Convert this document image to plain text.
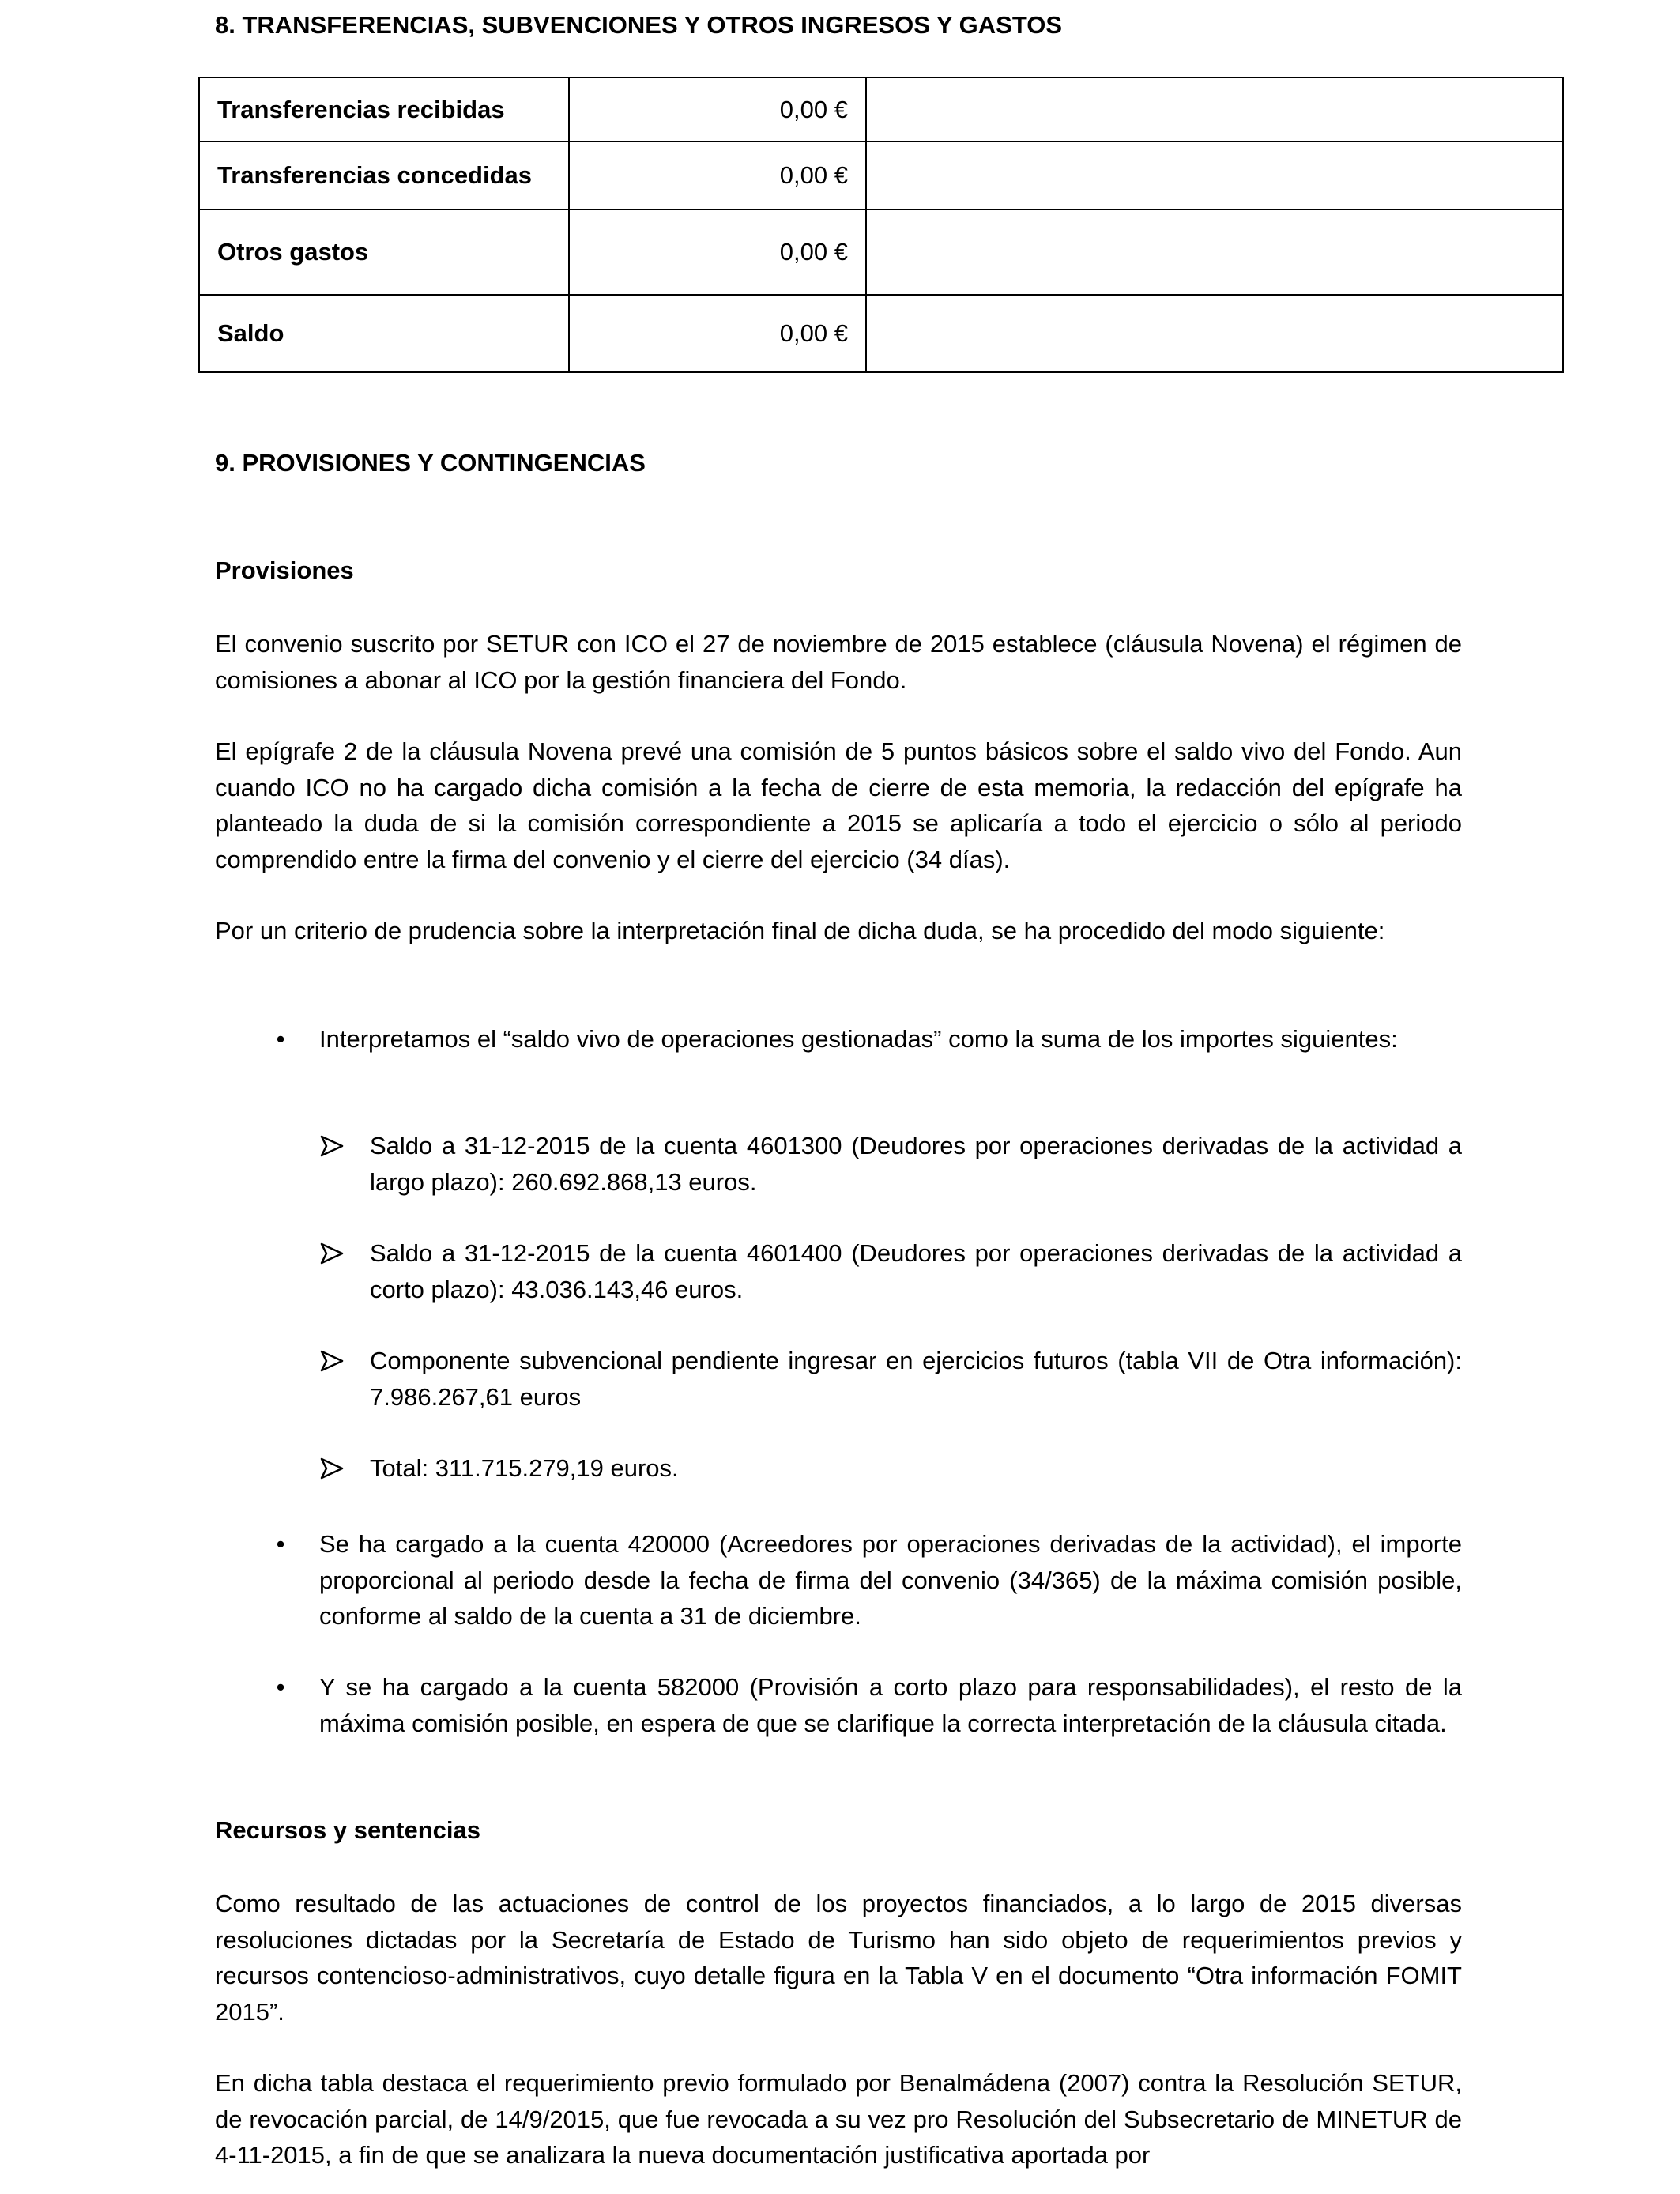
8. TRANSFERENCIAS, SUBVENCIONES Y OTROS INGRESOS Y GASTOS
Transferencias recibidas	0,00 €	
Transferencias concedidas	0,00 €	
Otros gastos	0,00 €	
Saldo	0,00 €	
9. PROVISIONES Y CONTINGENCIAS
Provisiones

El convenio suscrito por SETUR con ICO el 27 de noviembre de 2015 establece (cláusula Novena) el régimen de comisiones a abonar al ICO por la gestión financiera del Fondo.

El epígrafe 2 de la cláusula Novena prevé una comisión de 5 puntos básicos sobre el saldo vivo del Fondo. Aun cuando ICO no ha cargado dicha comisión a la fecha de cierre de esta memoria, la redacción del epígrafe ha planteado la duda de si la comisión correspondiente a 2015 se aplicaría a todo el ejercicio o sólo al periodo comprendido entre la firma del convenio y el cierre del ejercicio (34 días).

Por un criterio de prudencia sobre la interpretación final de dicha duda, se ha procedido del modo siguiente:

•	Interpretamos el “saldo vivo de operaciones gestionadas” como la suma de los importes siguientes:

Saldo a 31-12-2015 de la cuenta 4601300 (Deudores por operaciones derivadas de la actividad a largo plazo): 260.692.868,13 euros.

Saldo a 31-12-2015 de la cuenta 4601400 (Deudores por operaciones derivadas de la actividad a corto plazo): 43.036.143,46 euros.

Componente subvencional pendiente ingresar en ejercicios futuros (tabla VII de Otra información): 7.986.267,61 euros

Total: 311.715.279,19 euros.

•	Se ha cargado a la cuenta 420000 (Acreedores por operaciones derivadas de la actividad), el importe proporcional al periodo desde la fecha de firma del convenio (34/365) de la máxima comisión posible, conforme al saldo de la cuenta a 31 de diciembre.

•	Y se ha cargado a la cuenta 582000 (Provisión a corto plazo para responsabilidades), el resto de la máxima comisión posible, en espera de que se clarifique la correcta interpretación de la cláusula citada.

Recursos y sentencias

Como resultado de las actuaciones de control de los proyectos financiados, a lo largo de 2015 diversas resoluciones dictadas por la Secretaría de Estado de Turismo han sido objeto de requerimientos previos y recursos contencioso-administrativos, cuyo detalle figura en la Tabla V en el documento “Otra información FOMIT 2015”.

En dicha tabla destaca el requerimiento previo formulado por Benalmádena (2007) contra la Resolución SETUR, de revocación parcial, de 14/9/2015, que fue revocada a su vez pro Resolución del Subsecretario de MINETUR de 4-11-2015, a fin de que se analizara la nueva documentación justificativa aportada por
